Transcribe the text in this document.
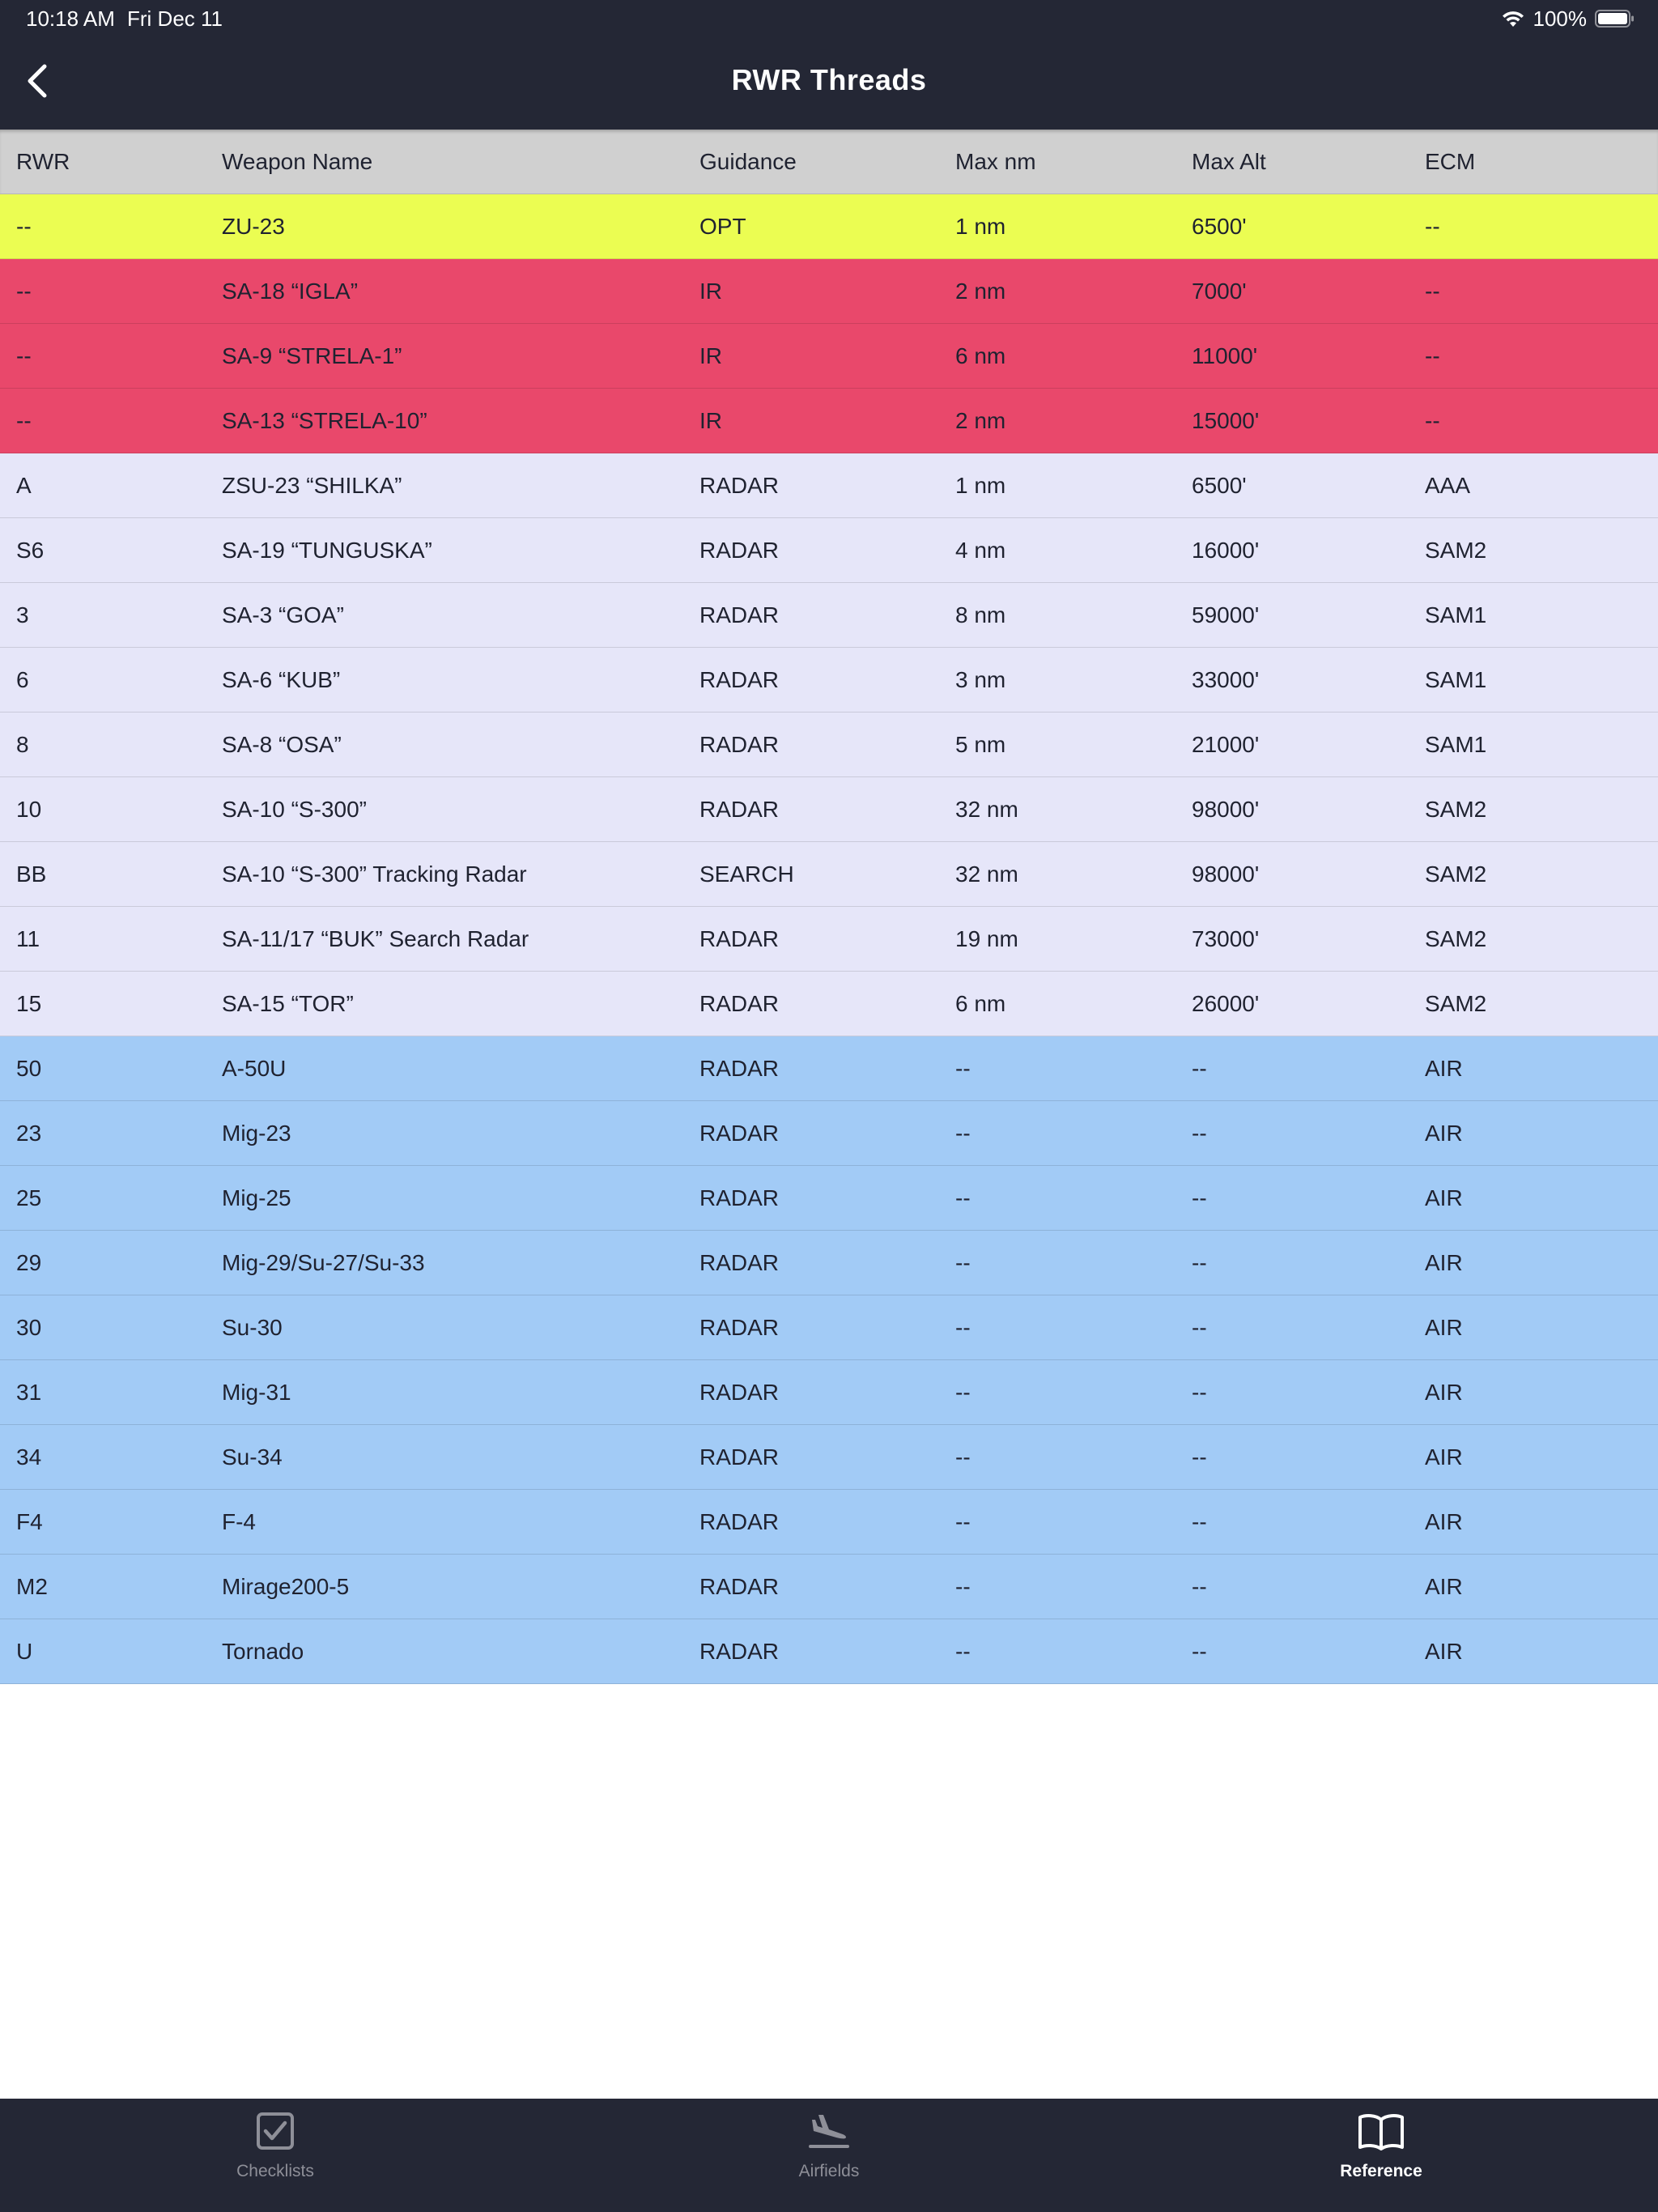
10:18 AM Fri Dec 11	100%
RWR Threads
RWR	Weapon Name	Guidance	Max nm	Max Alt	ECM
--	ZU-23	OPT	1 nm	6500'	--
--	SA-18 “IGLA”	IR	2 nm	7000'	--
--	SA-9 “STRELA-1”	IR	6 nm	11000'	--
--	SA-13 “STRELA-10”	IR	2 nm	15000'	--
A	ZSU-23 “SHILKA”	RADAR	1 nm	6500'	AAA
S6	SA-19 “TUNGUSKA”	RADAR	4 nm	16000'	SAM2
3	SA-3 “GOA”	RADAR	8 nm	59000'	SAM1
6	SA-6 “KUB”	RADAR	3 nm	33000'	SAM1
8	SA-8 “OSA”	RADAR	5 nm	21000'	SAM1
10	SA-10 “S-300”	RADAR	32 nm	98000'	SAM2
BB	SA-10 “S-300” Tracking Radar	SEARCH	32 nm	98000'	SAM2
11	SA-11/17 “BUK” Search Radar	RADAR	19 nm	73000'	SAM2
15	SA-15 “TOR”	RADAR	6 nm	26000'	SAM2
50	A-50U	RADAR	--	--	AIR
23	Mig-23	RADAR	--	--	AIR
25	Mig-25	RADAR	--	--	AIR
29	Mig-29/Su-27/Su-33	RADAR	--	--	AIR
30	Su-30	RADAR	--	--	AIR
31	Mig-31	RADAR	--	--	AIR
34	Su-34	RADAR	--	--	AIR
F4	F-4	RADAR	--	--	AIR
M2	Mirage200-5	RADAR	--	--	AIR
U	Tornado	RADAR	--	--	AIR
Checklists	Airfields	Reference
